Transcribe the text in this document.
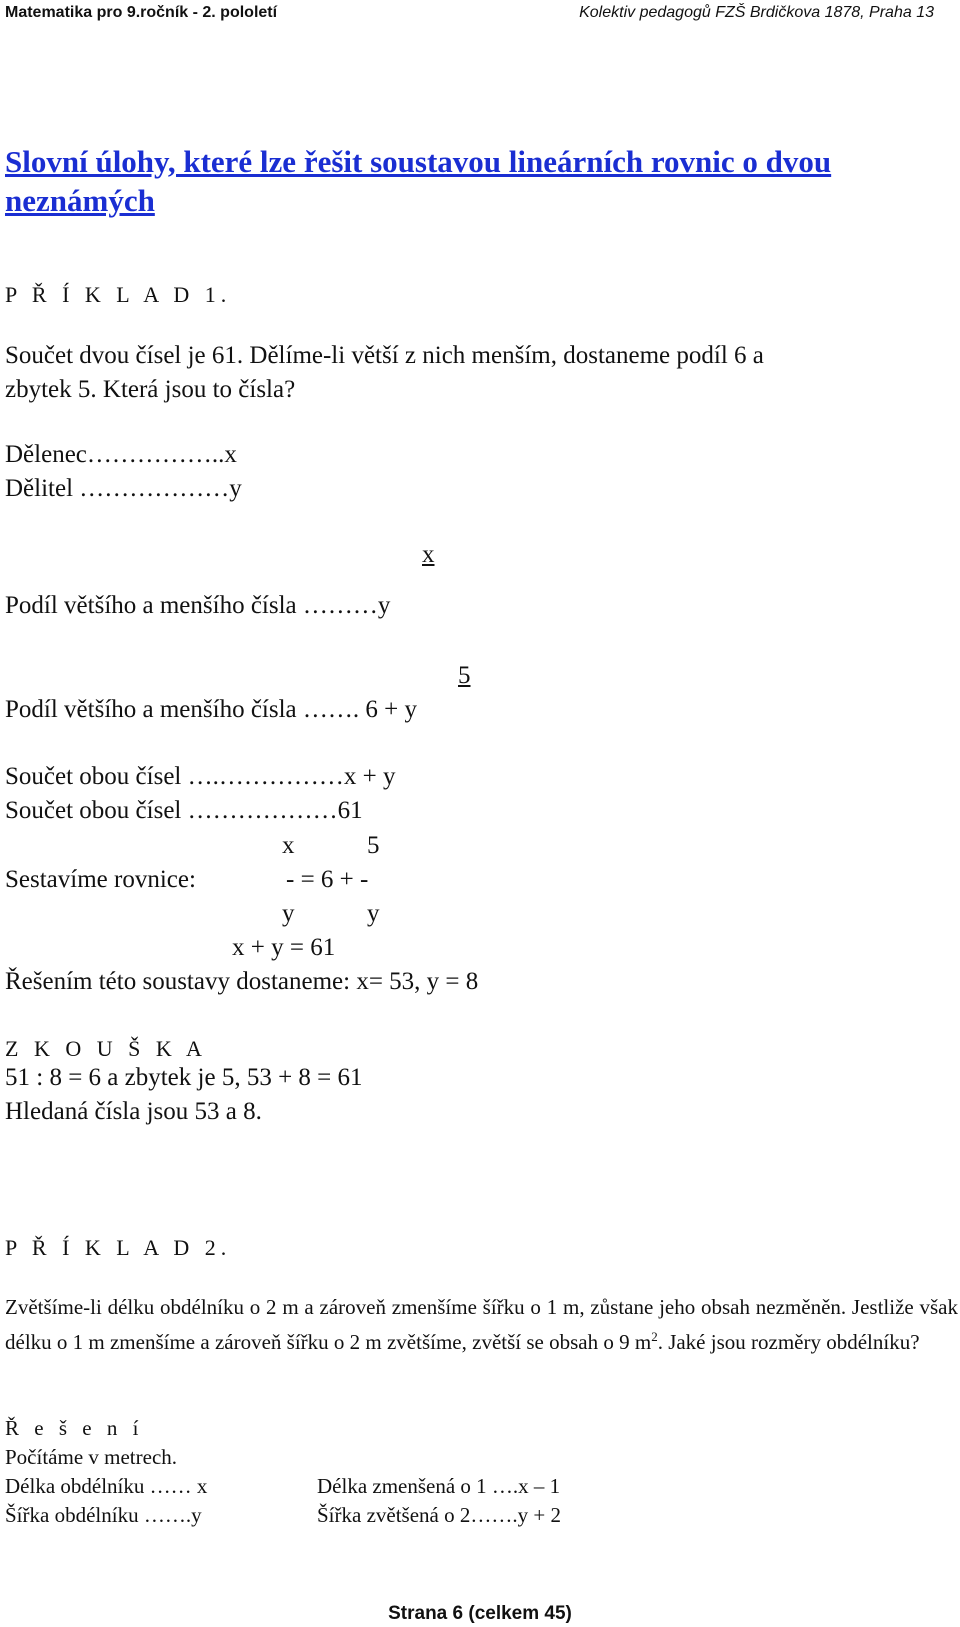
Matematika pro 9.ročník - 2. pololetí	Kolektiv pedagogů FZŠ Brdičkova 1878, Praha 13
Slovní úlohy, které lze řešit soustavou lineárních rovnic o dvou neznámých
P Ř Í K L A D 1.
Součet dvou čísel je 61. Dělíme-li větší z nich menším, dostaneme podíl 6 a
zbytek 5. Která jsou to čísla?
Dělenec……………..x
Dělitel ………………y
x
Podíl většího a menšího čísla ………y
5
Podíl většího a menšího čísla ……. 6 + y
Součet obou čísel ….……………x + y
Součet obou čísel ………………61
x	5
Sestavíme rovnice:	- = 6 + -
y	y
x + y = 61
Řešením této soustavy dostaneme: x= 53, y = 8
Z K O U Š K A
51 : 8 = 6 a zbytek je 5, 53 + 8 = 61
Hledaná čísla jsou 53 a 8.
P Ř Í K L A D 2.
Zvětšíme-li délku obdélníku o 2 m a zároveň zmenšíme šířku o 1 m, zůstane jeho obsah nezměněn. Jestliže však délku o 1 m zmenšíme a zároveň šířku o 2 m zvětšíme, zvětší se obsah o 9 $m^2$. Jaké jsou rozměry obdélníku?
Ř e š e n í
Počítáme v metrech.
Délka obdélníku …… x	Délka zmenšená o 1 ….x – 1
Šířka obdélníku …….y	Šířka zvětšená o 2…….y + 2
Strana 6 (celkem 45)
